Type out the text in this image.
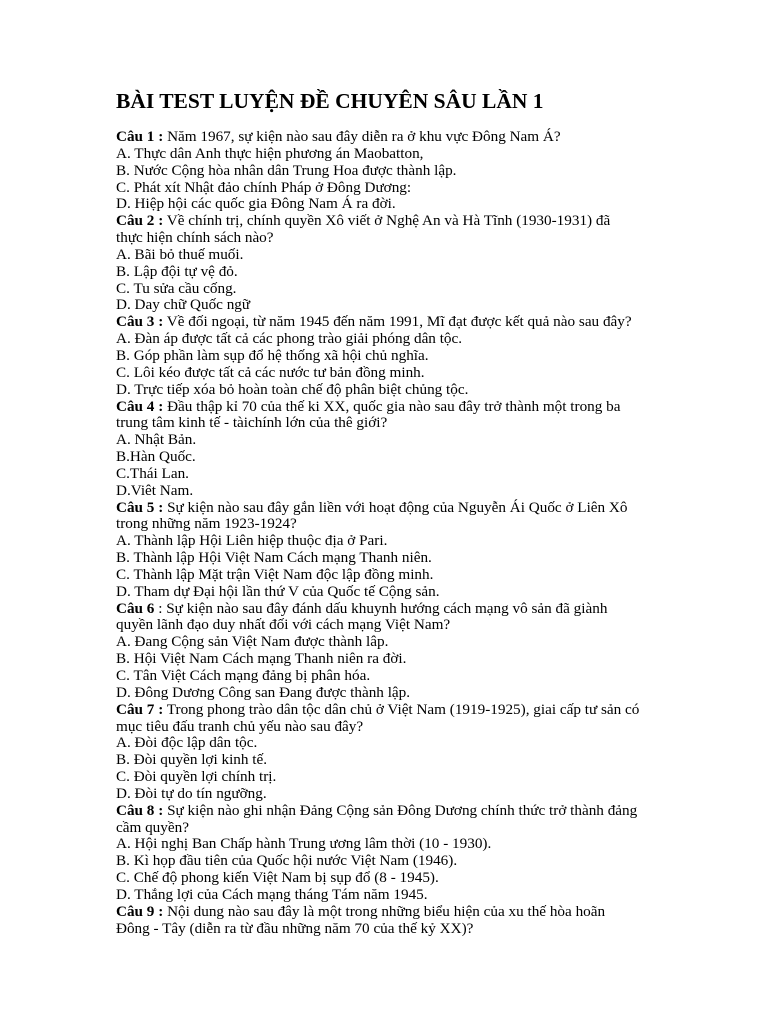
BÀI TEST LUYỆN ĐỀ CHUYÊN SÂU LẦN 1
Câu 1 : Năm 1967, sự kiện nào sau đây diễn ra ở khu vực Đông Nam Á?
A. Thực dân Anh thực hiện phương án Maobatton,
B. Nước Cộng hòa nhân dân Trung Hoa được thành lập.
C. Phát xít Nhật đảo chính Pháp ở Đông Dương:
D. Hiệp hội các quốc gia Đông Nam Á ra đời.
Câu 2 : Về chính trị, chính quyền Xô viết ở Nghệ An và Hà Tĩnh (1930-1931) đã
thực hiện chính sách nào?
A. Bãi bỏ thuế muối.
B. Lập đội tự vệ đỏ.
C. Tu sửa cầu cống.
D. Day chữ Quốc ngữ
Câu 3 : Về đối ngoại, từ năm 1945 đến năm 1991, Mĩ đạt được kết quả nào sau đây?
A. Đàn áp được tất cả các phong trào giải phóng dân tộc.
B. Góp phần làm sụp đổ hệ thống xã hội chủ nghĩa.
C. Lôi kéo được tất cả các nước tư bản đồng minh.
D. Trực tiếp xóa bỏ hoàn toàn chế độ phân biệt chủng tộc.
Câu 4 : Đầu thập kỉ 70 của thế ki XX, quốc gia nào sau đây trở thành một trong ba
trung tâm kinh tế - tàichính lớn của thê giới?
A. Nhật Bản.
B.Hàn Quốc.
C.Thái Lan.
D.Viêt Nam.
Câu 5 : Sự kiện nào sau đây gắn liền với hoạt động của Nguyễn Ái Quốc ở Liên Xô
trong những năm 1923-1924?
A. Thành lập Hội Liên hiệp thuộc địa ở Pari.
B. Thành lập Hội Việt Nam Cách mạng Thanh niên.
C. Thành lập Mặt trận Việt Nam độc lập đồng minh.
D. Tham dự Đại hội lần thứ V của Quốc tế Cộng sản.
Câu 6 : Sự kiện nào sau đây đánh dấu khuynh hướng cách mạng vô sản đã giành
quyền lãnh đạo duy nhất đối với cách mạng Việt Nam?
A. Đang Cộng sản Việt Nam được thành lâp.
B. Hội Việt Nam Cách mạng Thanh niên ra đời.
C. Tân Việt Cách mạng đảng bị phân hóa.
D. Đông Dương Công san Đang được thành lập.
Câu 7 : Trong phong trào dân tộc dân chủ ở Việt Nam (1919-1925), giai cấp tư sản có
mục tiêu đấu tranh chủ yếu nào sau đây?
A. Đòi độc lập dân tộc.
B. Đòi quyền lợi kinh tế.
C. Đòi quyền lợi chính trị.
D. Đòi tự do tín ngưỡng.
Câu 8 : Sự kiện nào ghi nhận Đảng Cộng sản Đông Dương chính thức trở thành đảng
cầm quyền?
A. Hội nghị Ban Chấp hành Trung ương lâm thời (10 - 1930).
B. Kì họp đầu tiên của Quốc hội nước Việt Nam (1946).
C. Chế độ phong kiến Việt Nam bị sụp đổ (8 - 1945).
D. Thắng lợi của Cách mạng tháng Tám năm 1945.
Câu 9 : Nội dung nào sau đây là một trong những biểu hiện của xu thế hòa hoãn
Đông - Tây (diễn ra từ đầu những năm 70 của thế kỷ XX)?
